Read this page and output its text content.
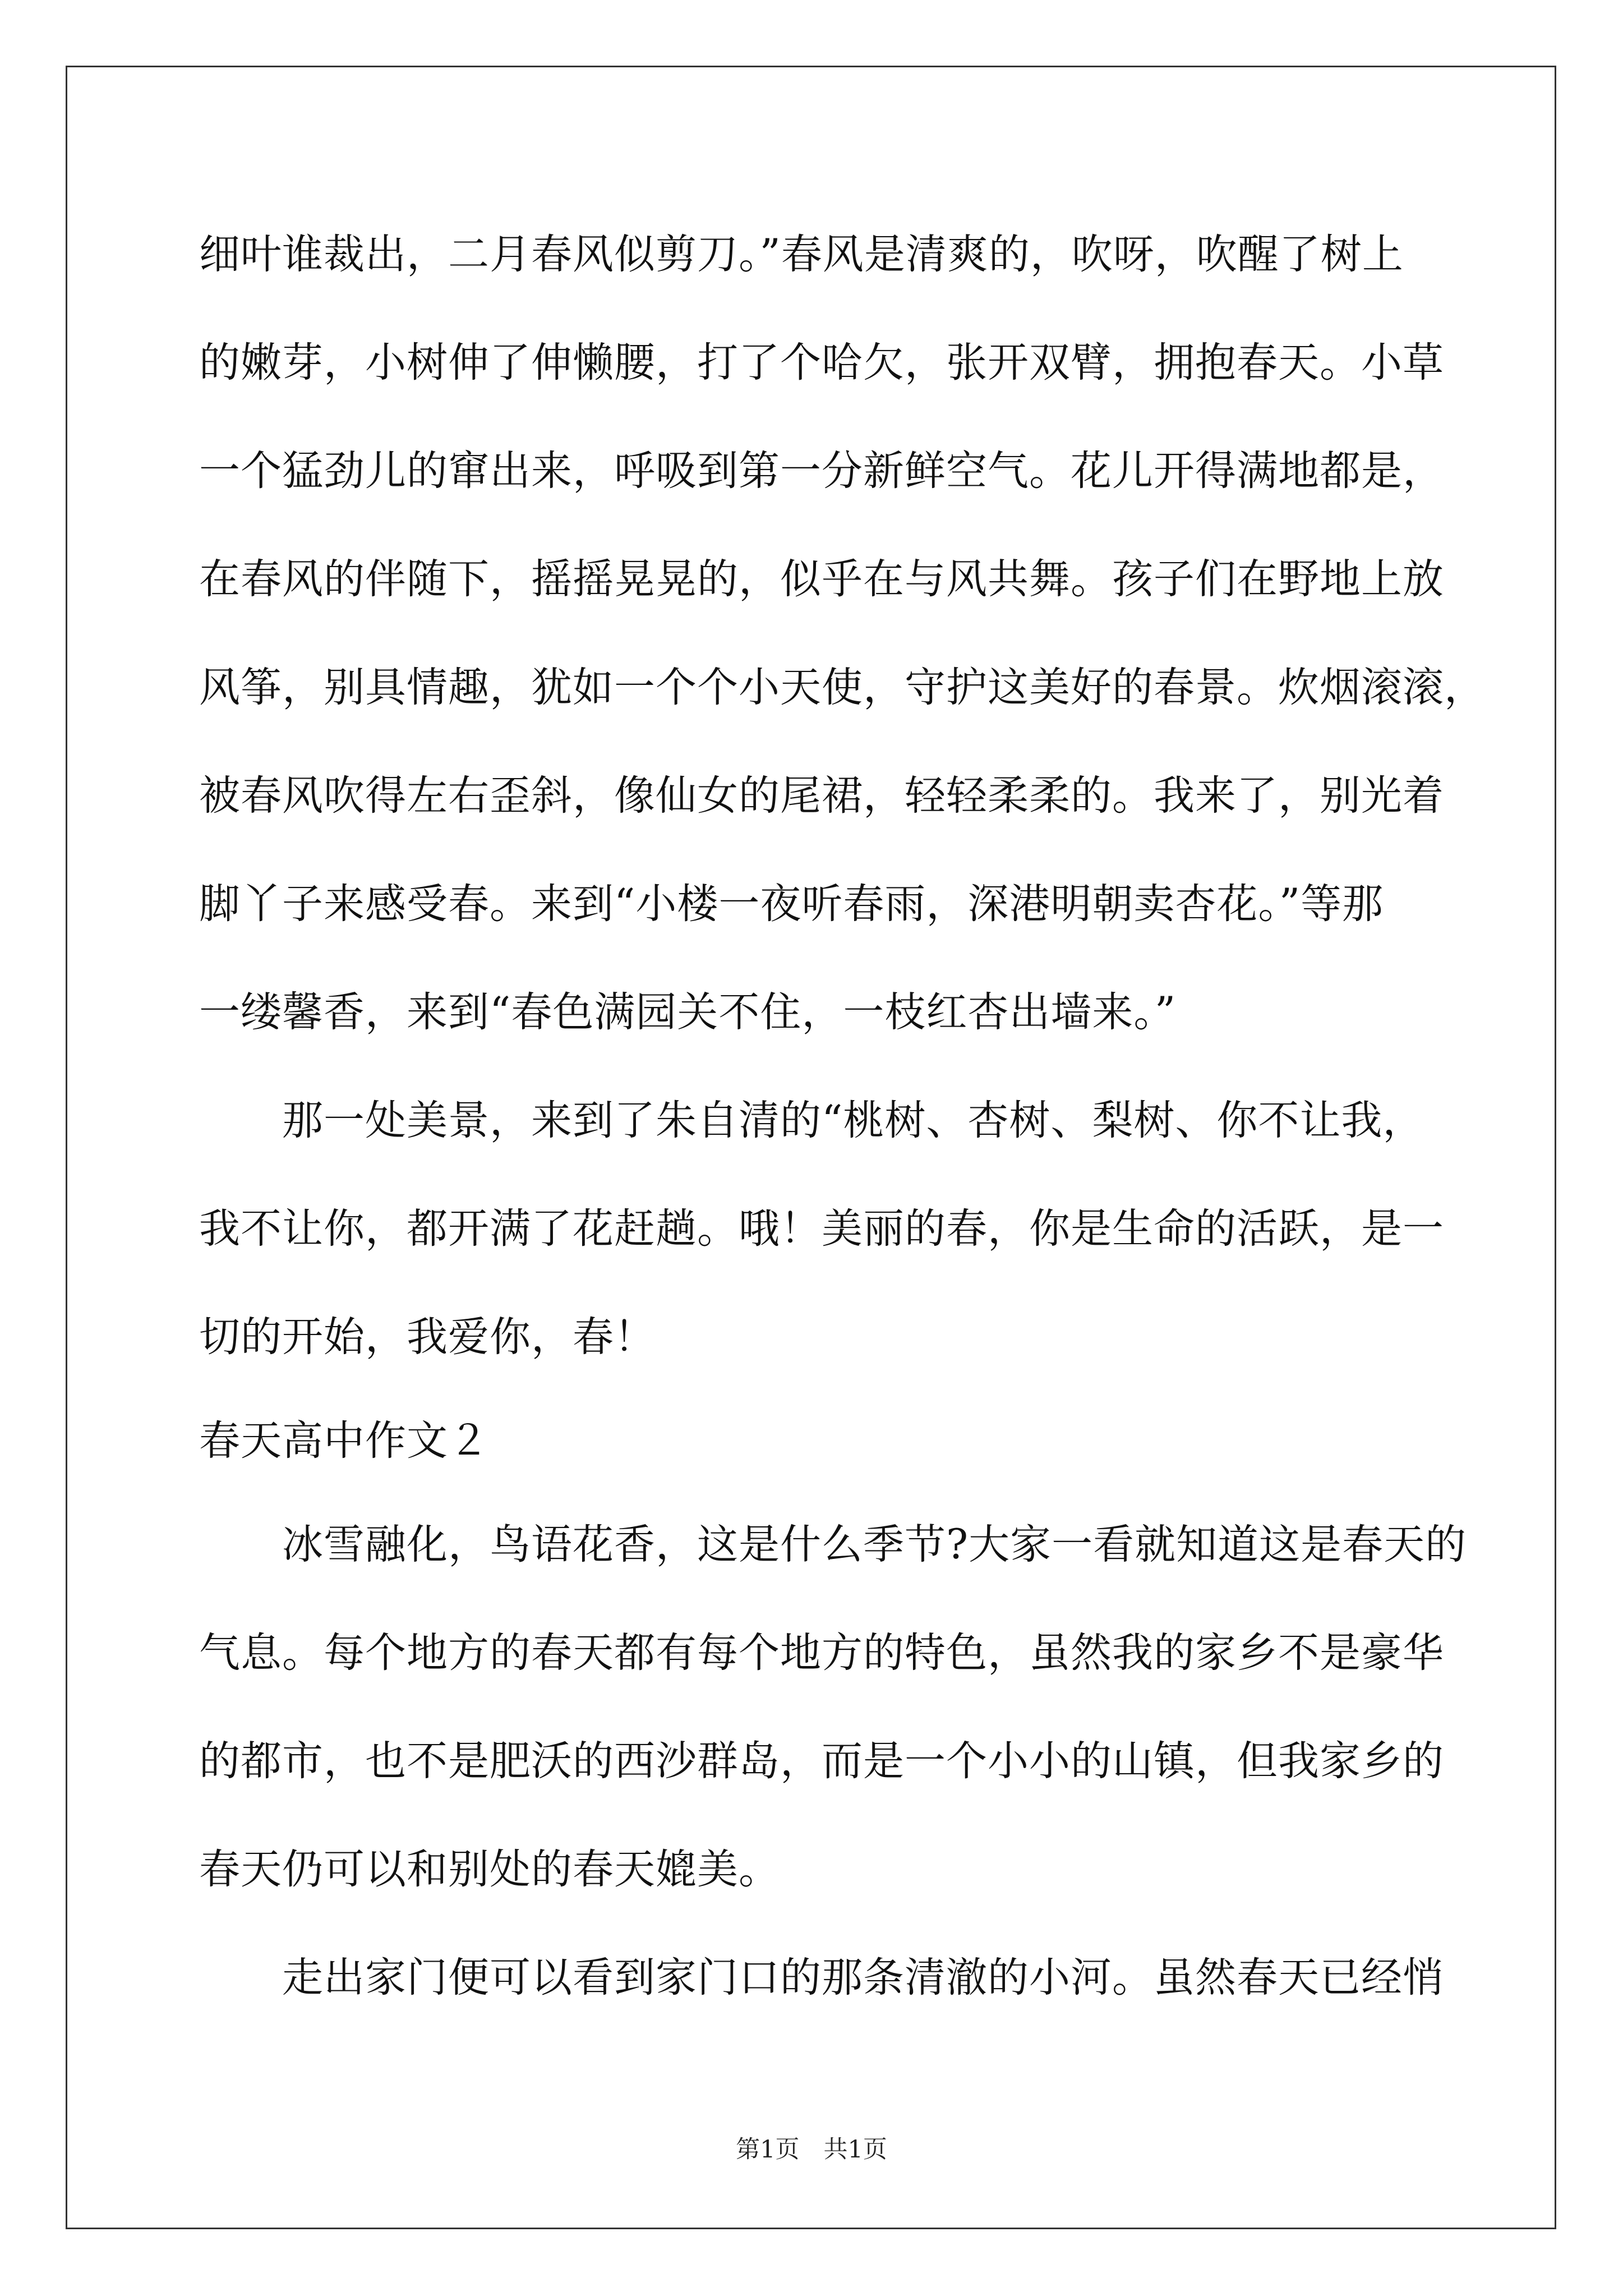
细叶谁裁出，二月春风似剪刀。”春风是清爽的，吹呀，吹醒了树上
的嫩芽，小树伸了伸懒腰，打了个哈欠，张开双臂，拥抱春天。小草
一个猛劲儿的窜出来，呼吸到第一分新鲜空气。花儿开得满地都是，
在春风的伴随下，摇摇晃晃的，似乎在与风共舞。孩子们在野地上放
风筝，别具情趣，犹如一个个小天使，守护这美好的春景。炊烟滚滚，
被春风吹得左右歪斜，像仙女的尾裙，轻轻柔柔的。我来了，别光着
脚丫子来感受春。来到“小楼一夜听春雨，深港明朝卖杏花。”等那
一缕馨香，来到“春色满园关不住，一枝红杏出墙来。”
　　那一处美景，来到了朱自清的“桃树、杏树、梨树、你不让我，
我不让你，都开满了花赶趟。哦！美丽的春，你是生命的活跃，是一
切的开始，我爱你，春！
春天高中作文２
　　冰雪融化，鸟语花香，这是什么季节?大家一看就知道这是春天的
气息。每个地方的春天都有每个地方的特色，虽然我的家乡不是豪华
的都市，也不是肥沃的西沙群岛，而是一个小小的山镇，但我家乡的
春天仍可以和别处的春天媲美。
　　走出家门便可以看到家门口的那条清澈的小河。虽然春天已经悄
第1页　共1页
